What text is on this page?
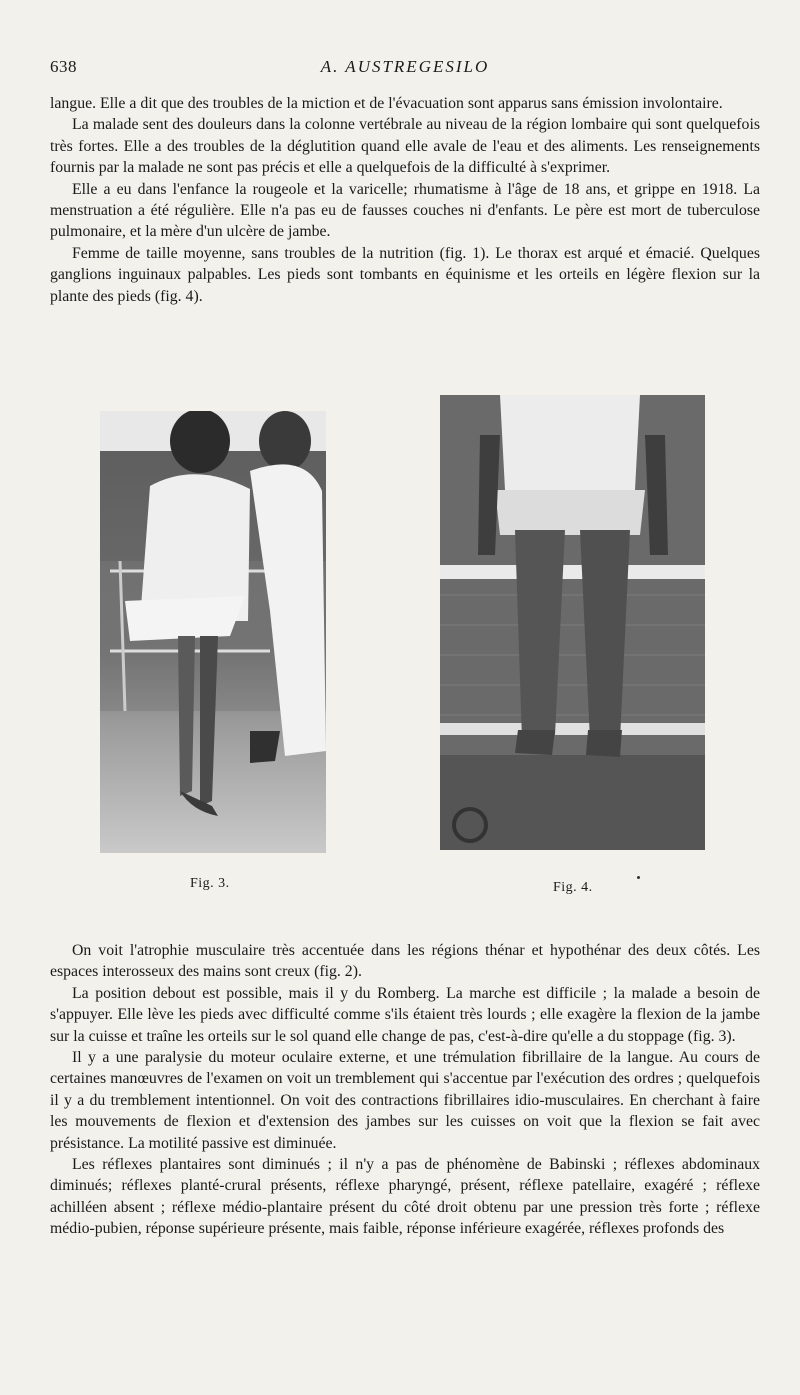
638	A. AUSTREGESILO

langue. Elle a dit que des troubles de la miction et de l'évacuation sont apparus sans émission involontaire.

La malade sent des douleurs dans la colonne vertébrale au niveau de la région lombaire qui sont quelquefois très fortes. Elle a des troubles de la déglutition quand elle avale de l'eau et des aliments. Les renseignements fournis par la malade ne sont pas précis et elle a quelquefois de la difficulté à s'exprimer.

Elle a eu dans l'enfance la rougeole et la varicelle; rhumatisme à l'âge de 18 ans, et grippe en 1918. La menstruation a été régulière. Elle n'a pas eu de fausses couches ni d'enfants. Le père est mort de tuberculose pulmonaire, et la mère d'un ulcère de jambe.

Femme de taille moyenne, sans troubles de la nutrition (fig. 1). Le thorax est arqué et émacié. Quelques ganglions inguinaux palpables. Les pieds sont tombants en équinisme et les orteils en légère flexion sur la plante des pieds (fig. 4).

Fig. 3.	Fig. 4.

On voit l'atrophie musculaire très accentuée dans les régions thénar et hypothénar des deux côtés. Les espaces interosseux des mains sont creux (fig. 2).

La position debout est possible, mais il y du Romberg. La marche est difficile ; la malade a besoin de s'appuyer. Elle lève les pieds avec difficulté comme s'ils étaient très lourds ; elle exagère la flexion de la jambe sur la cuisse et traîne les orteils sur le sol quand elle change de pas, c'est-à-dire qu'elle a du stoppage (fig. 3).

Il y a une paralysie du moteur oculaire externe, et une trémulation fibrillaire de la langue. Au cours de certaines manœuvres de l'examen on voit un tremblement qui s'accentue par l'exécution des ordres ; quelquefois il y a du tremblement intentionnel. On voit des contractions fibrillaires idio-musculaires. En cherchant à faire les mouvements de flexion et d'extension des jambes sur les cuisses on voit que la flexion se fait avec présistance. La motilité passive est diminuée.

Les réflexes plantaires sont diminués ; il n'y a pas de phénomène de Babinski ; réflexes abdominaux diminués; réflexes planté-crural présents, réflexe pharyngé, présent, réflexe patellaire, exagéré ; réflexe achilléen absent ; réflexe médio-plantaire présent du côté droit obtenu par une pression très forte ; réflexe médio-pubien, réponse supérieure présente, mais faible, réponse inférieure exagérée, réflexes profonds des
